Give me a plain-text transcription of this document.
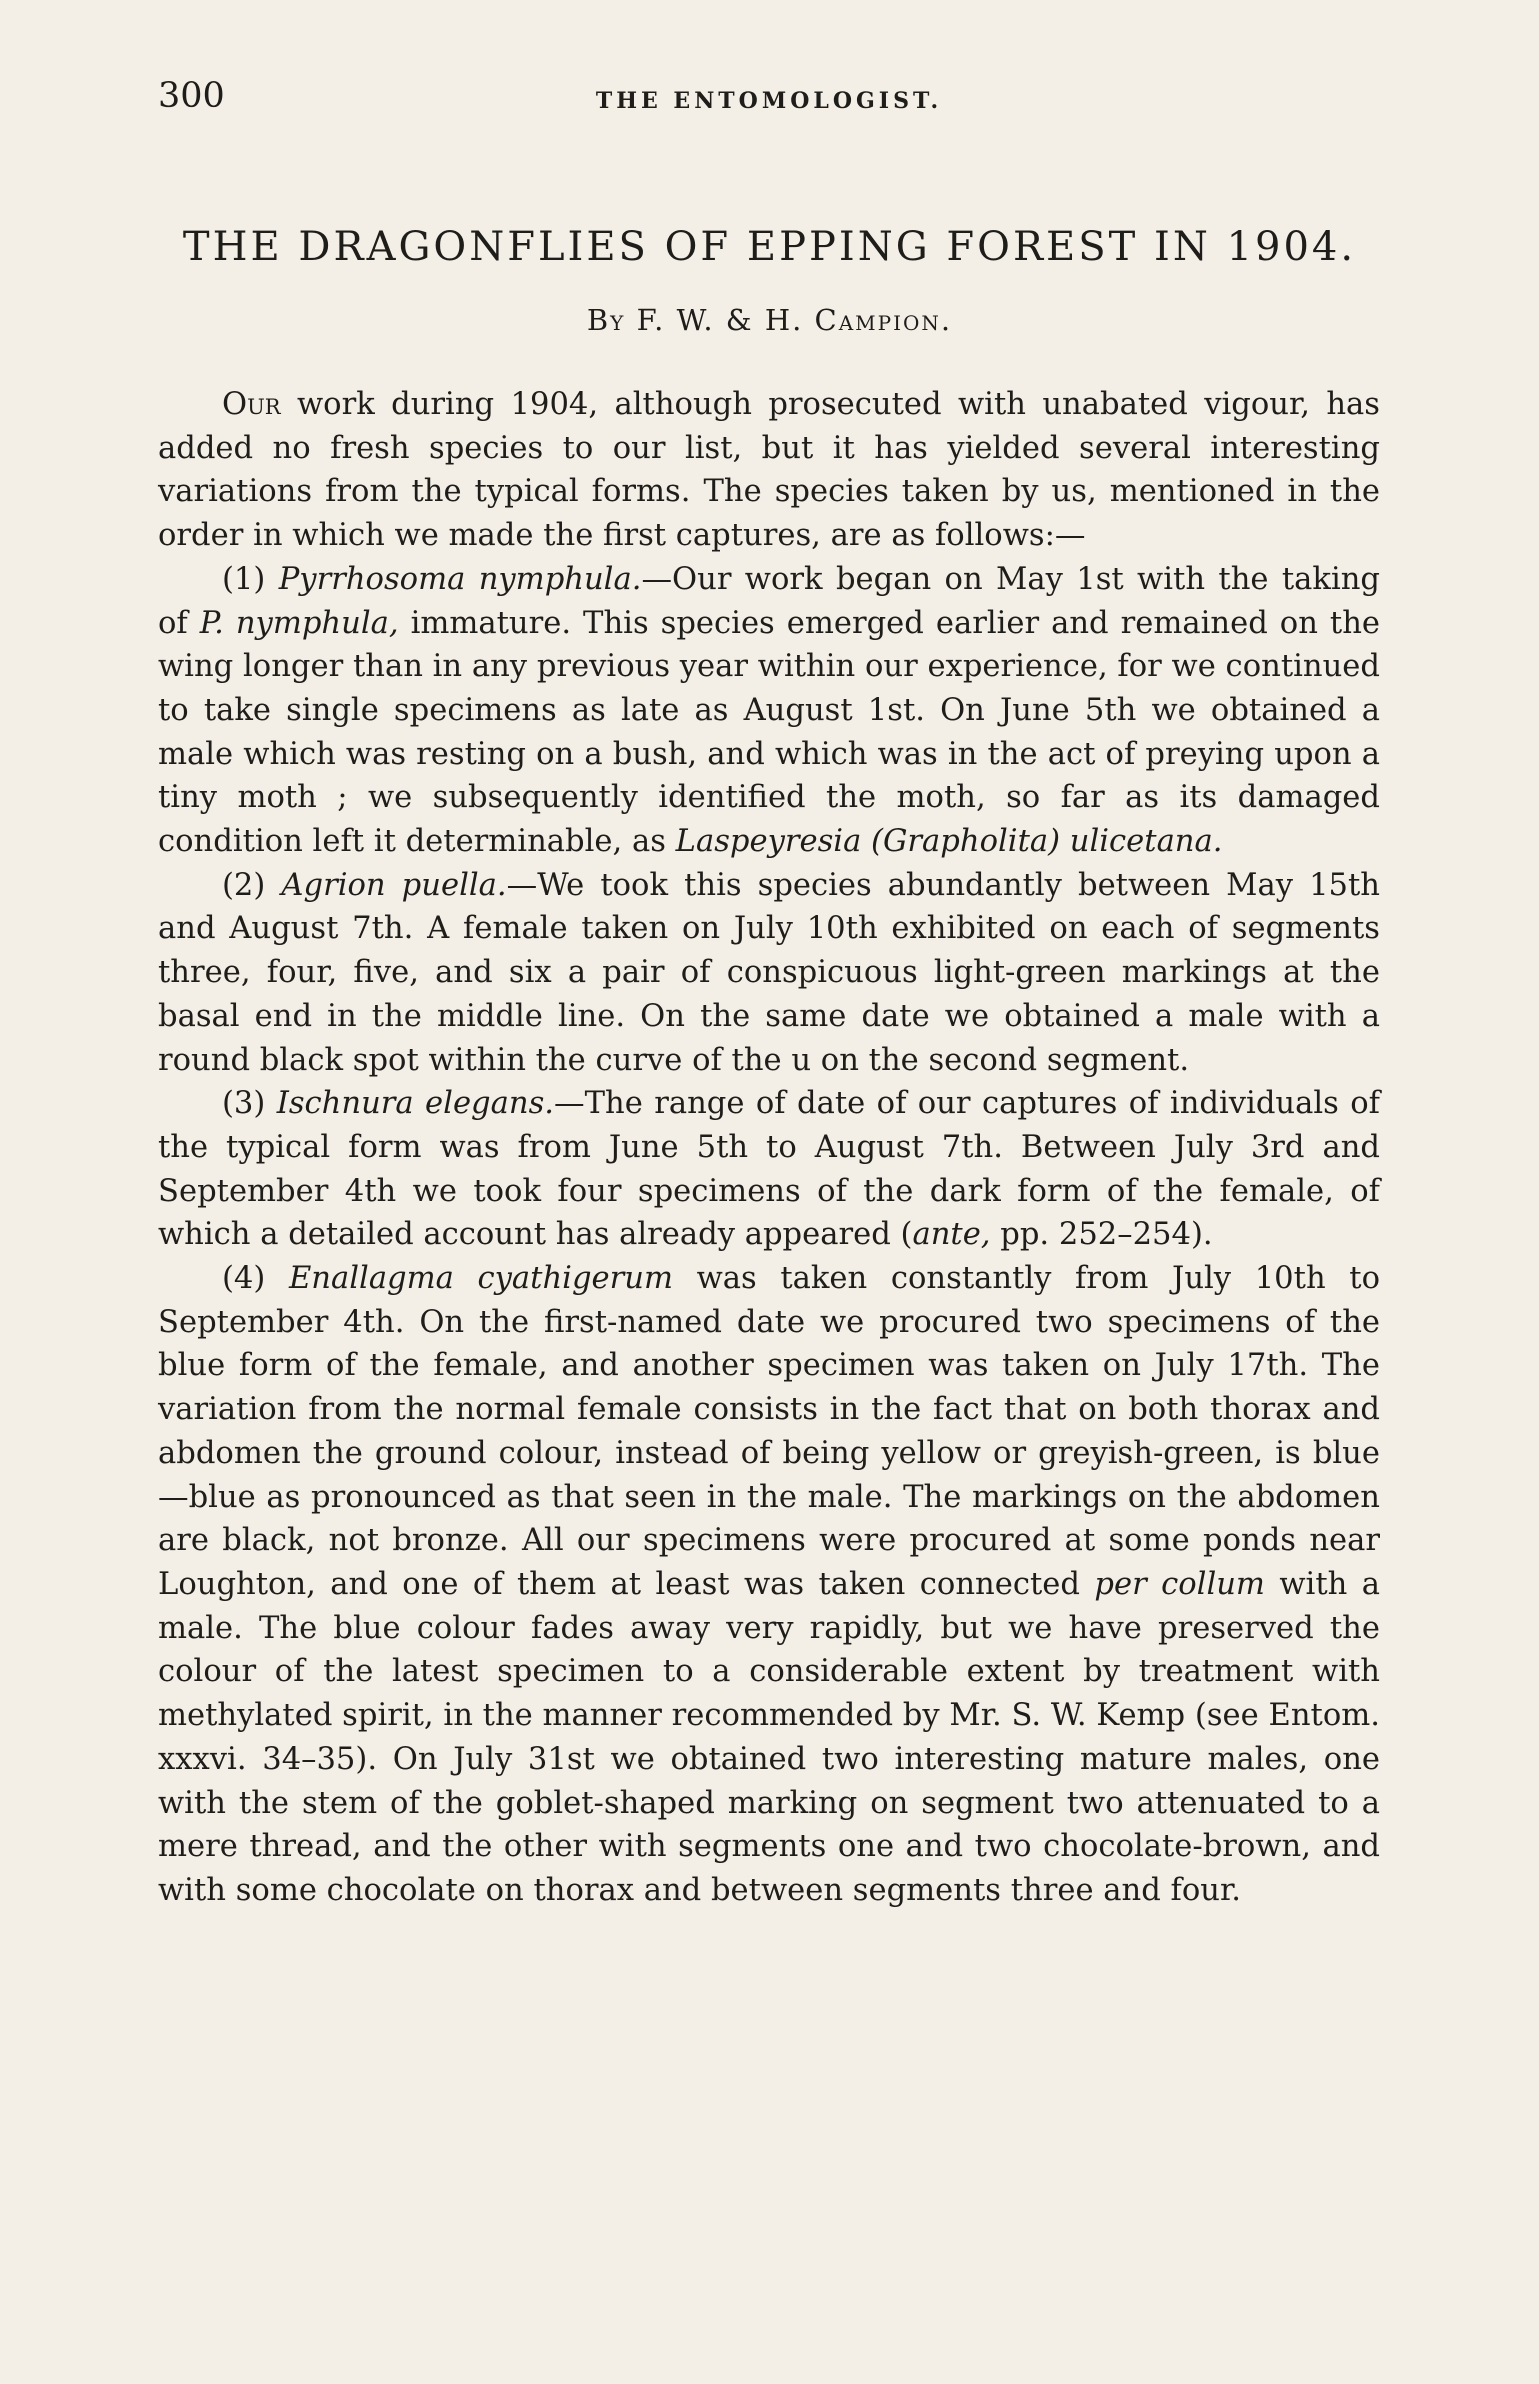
300	THE ENTOMOLOGIST.
THE DRAGONFLIES OF EPPING FOREST IN 1904.
By F. W. & H. Campion.

Our work during 1904, although prosecuted with unabated vigour, has added no fresh species to our list, but it has yielded several interesting variations from the typical forms. The species taken by us, mentioned in the order in which we made the first captures, are as follows:—

(1) Pyrrhosoma nymphula.—Our work began on May 1st with the taking of P. nymphula, immature. This species emerged earlier and remained on the wing longer than in any previous year within our experience, for we continued to take single specimens as late as August 1st. On June 5th we obtained a male which was resting on a bush, and which was in the act of preying upon a tiny moth ; we subsequently identified the moth, so far as its damaged condition left it determinable, as Laspeyresia (Grapholita) ulicetana.

(2) Agrion puella.—We took this species abundantly between May 15th and August 7th. A female taken on July 10th exhibited on each of segments three, four, five, and six a pair of conspicuous light-green markings at the basal end in the middle line. On the same date we obtained a male with a round black spot within the curve of the u on the second segment.

(3) Ischnura elegans.—The range of date of our captures of individuals of the typical form was from June 5th to August 7th. Between July 3rd and September 4th we took four specimens of the dark form of the female, of which a detailed account has already appeared (ante, pp. 252–254).

(4) Enallagma cyathigerum was taken constantly from July 10th to September 4th. On the first-named date we procured two specimens of the blue form of the female, and another specimen was taken on July 17th. The variation from the normal female consists in the fact that on both thorax and abdomen the ground colour, instead of being yellow or greyish-green, is blue —blue as pronounced as that seen in the male. The markings on the abdomen are black, not bronze. All our specimens were procured at some ponds near Loughton, and one of them at least was taken connected per collum with a male. The blue colour fades away very rapidly, but we have preserved the colour of the latest specimen to a considerable extent by treatment with methylated spirit, in the manner recommended by Mr. S. W. Kemp (see Entom. xxxvi. 34–35). On July 31st we obtained two interesting mature males, one with the stem of the goblet-shaped marking on segment two attenuated to a mere thread, and the other with segments one and two chocolate-brown, and with some chocolate on thorax and between segments three and four.
